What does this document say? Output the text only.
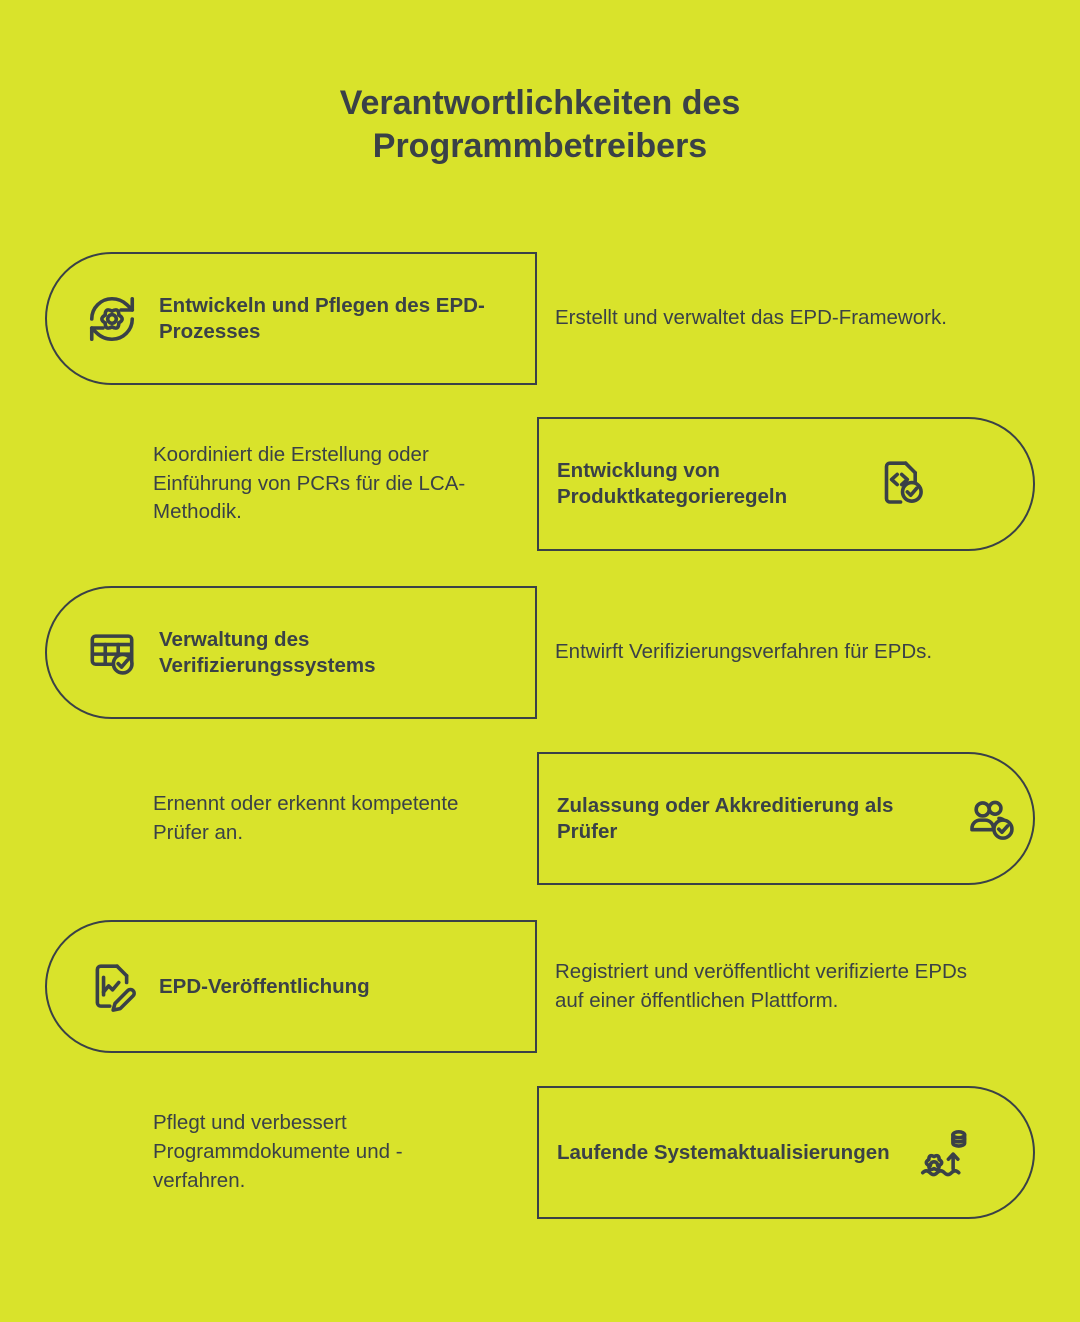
Verantwortlichkeiten des Programmbetreibers
Entwickeln und Pflegen des EPD-Prozesses
Erstellt und verwaltet das EPD-Framework.
Koordiniert die Erstellung oder Einführung von PCRs für die LCA-Methodik.
Entwicklung von Produktkategorieregeln
Verwaltung des Verifizierungssystems
Entwirft Verifizierungsverfahren für EPDs.
Ernennt oder erkennt kompetente Prüfer an.
Zulassung oder Akkreditierung als Prüfer
EPD-Veröffentlichung
Registriert und veröffentlicht verifizierte EPDs auf einer öffentlichen Plattform.
Pflegt und verbessert Programmdokumente und -verfahren.
Laufende Systemaktualisierungen
